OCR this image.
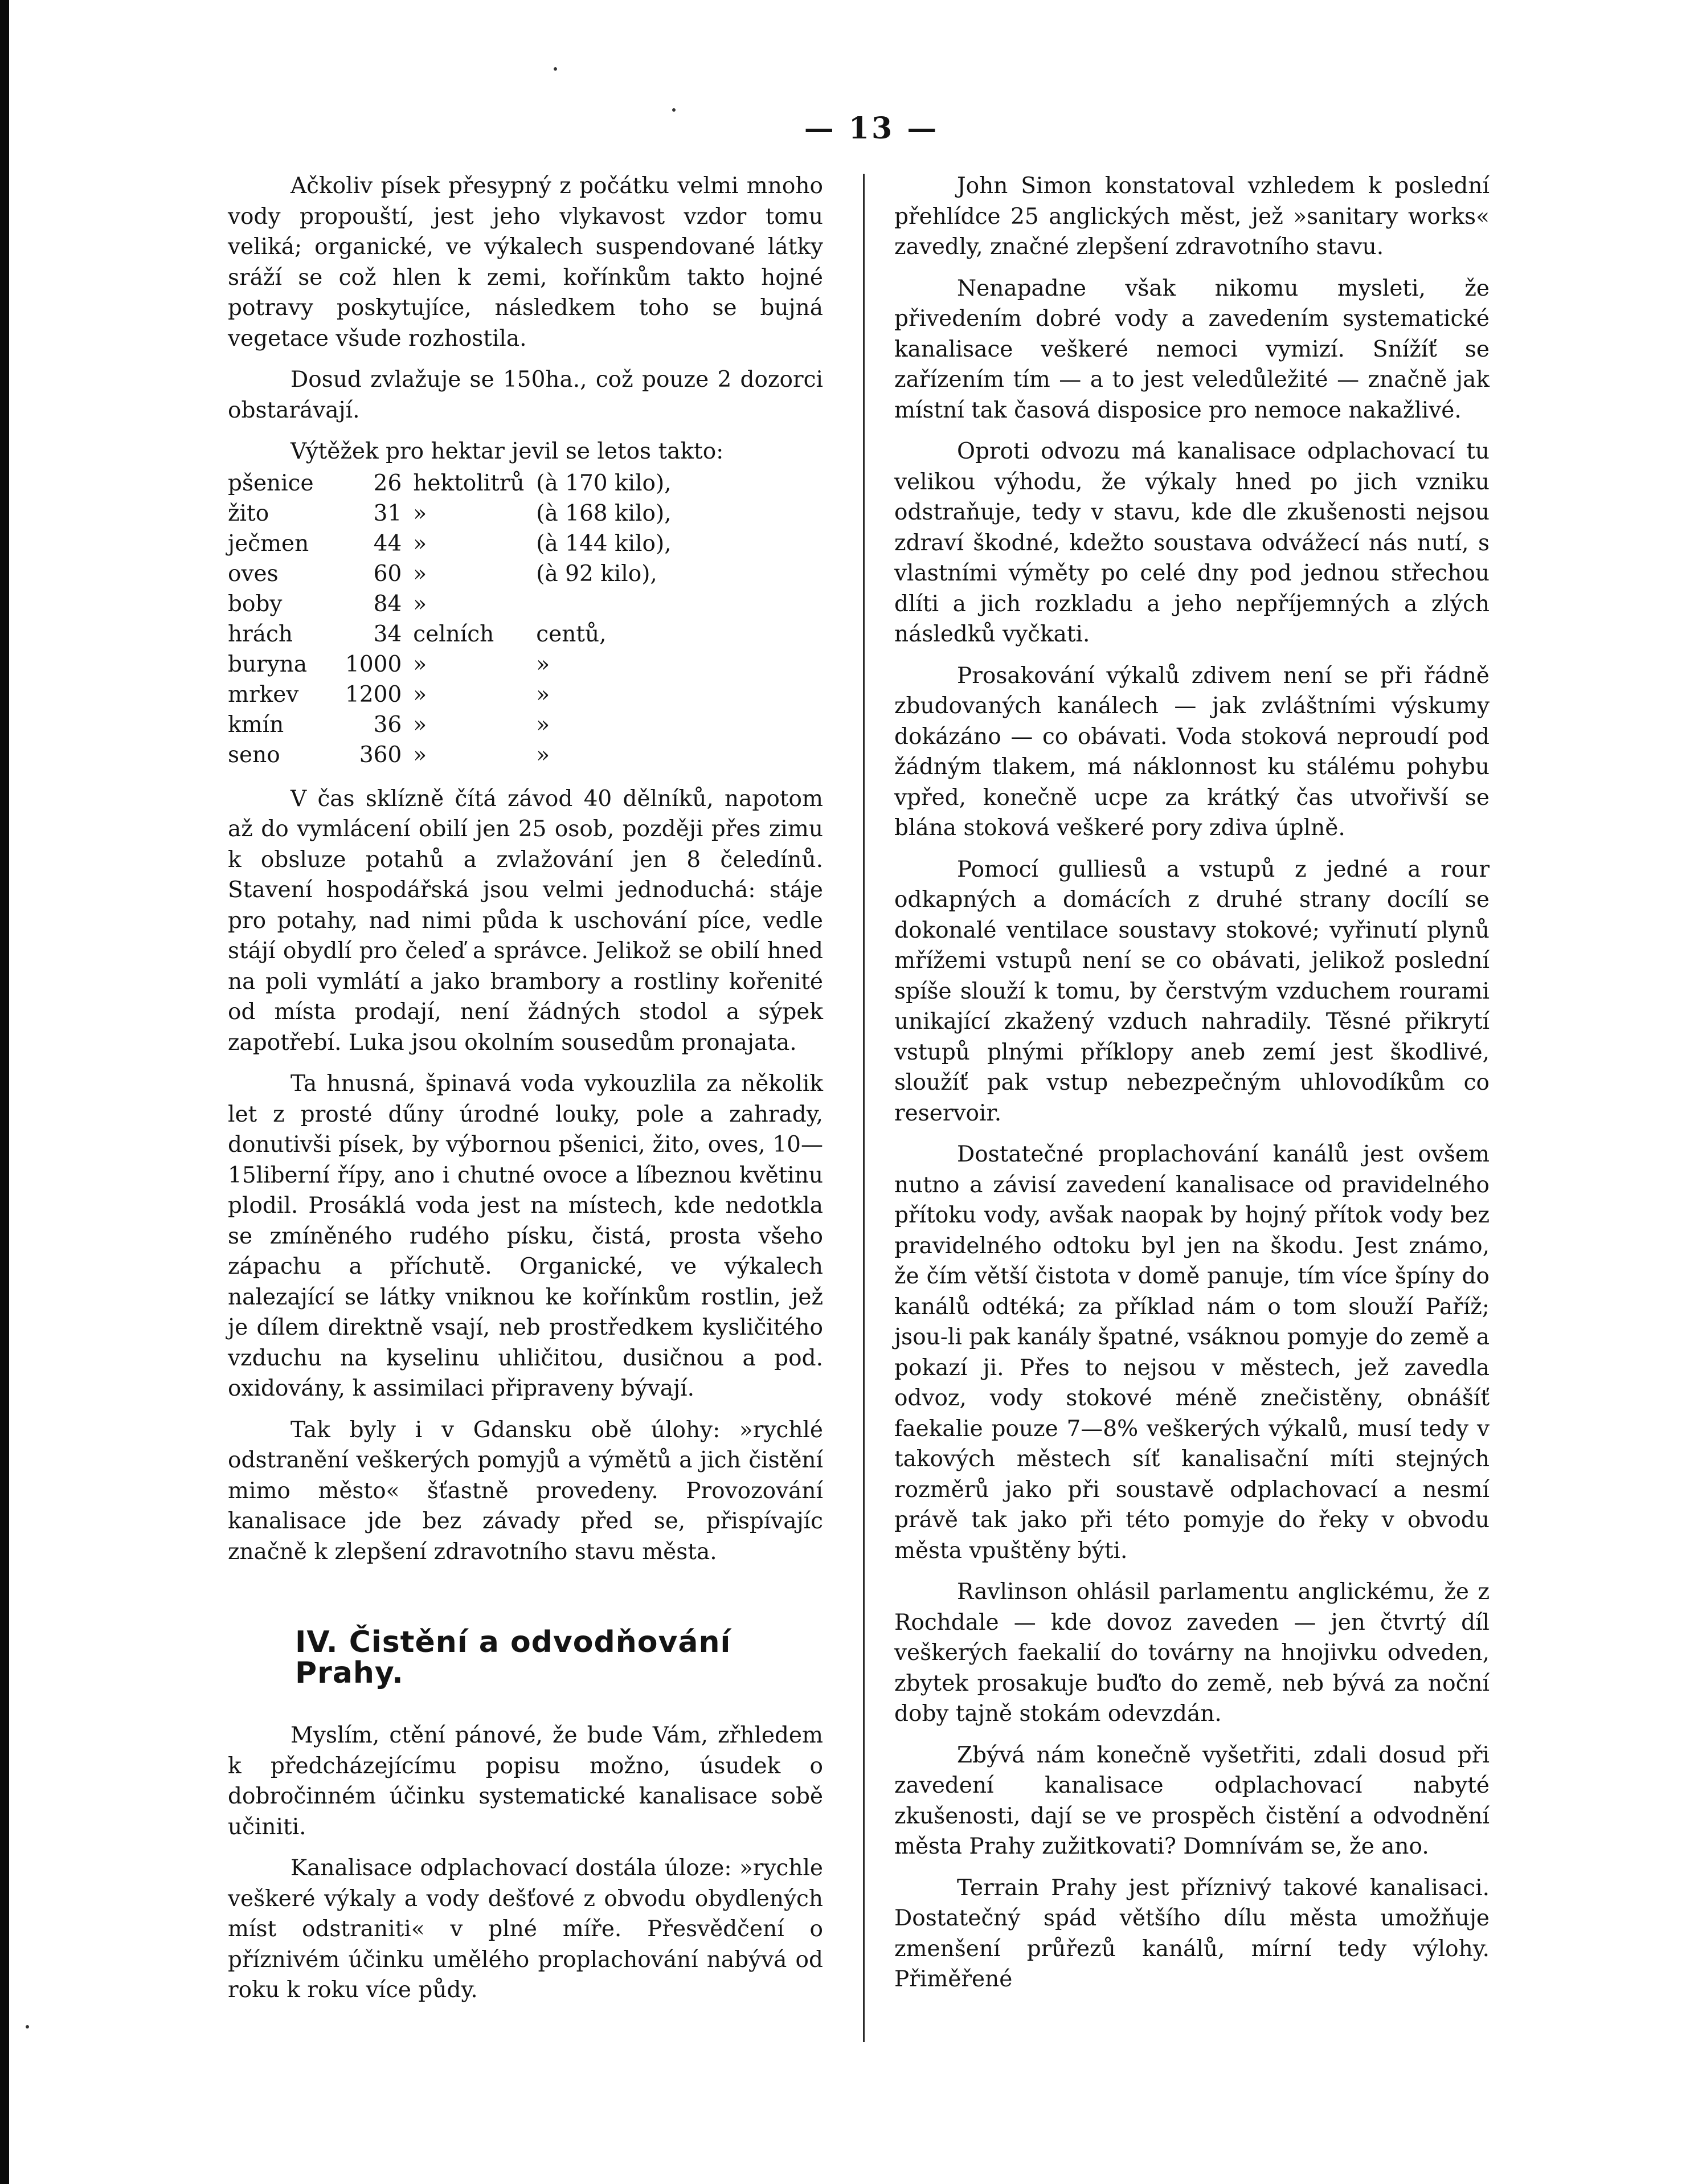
— 13 —

Ačkoliv písek přesypný z počátku velmi mnoho vody propouští, jest jeho vlykavost vzdor tomu veliká; organické, ve výkalech suspendované látky sráží se což hlen k zemi, kořínkům takto hojné potravy poskytujíce, následkem toho se bujná vegetace všude rozhostila.

Dosud zvlažuje se 150ha., což pouze 2 dozorci obstarávají.

Výtěžek pro hektar jevil se letos takto:

pšenice	26	hektolitrů	(à 170 kilo),
žito	31	»	(à 168 kilo),
ječmen	44	»	(à 144 kilo),
oves	60	»	(à 92 kilo),
boby	84	»	
hrách	34	celních	centů,
buryna	1000	»	»
mrkev	1200	»	»
kmín	36	»	»
seno	360	»	»

V čas sklízně čítá závod 40 dělníků, napotom až do vymlácení obilí jen 25 osob, později přes zimu k obsluze potahů a zvlažování jen 8 čeledínů. Stavení hospodářská jsou velmi jednoduchá: stáje pro potahy, nad nimi půda k uschování píce, vedle stájí obydlí pro čeleď a správce. Jelikož se obilí hned na poli vymlátí a jako brambory a rostliny kořenité od místa prodají, není žádných stodol a sýpek zapotřebí. Luka jsou okolním sousedům pronajata.

Ta hnusná, špinavá voda vykouzlila za několik let z prosté dűny úrodné louky, pole a zahrady, donutivši písek, by výbornou pšenici, žito, oves, 10—15liberní řípy, ano i chutné ovoce a líbeznou květinu plodil. Prosáklá voda jest na místech, kde nedotkla se zmíněného rudého písku, čistá, prosta všeho zápachu a příchutě. Organické, ve výkalech nalezající se látky vniknou ke kořínkům rostlin, jež je dílem direktně vsají, neb prostředkem kysličitého vzduchu na kyselinu uhličitou, dusičnou a pod. oxidovány, k assimilaci připraveny bývají.

Tak byly i v Gdansku obě úlohy: »rychlé odstranění veškerých pomyjů a výmětů a jich čistění mimo město« šťastně provedeny. Provozování kanalisace jde bez závady před se, přispívajíc značně k zlepšení zdravotního stavu města.

IV. Čistění a odvodňování Prahy.

Myslím, ctění pánové, že bude Vám, zřhledem k předcházejícímu popisu možno, úsudek o dobročinném účinku systematické kanalisace sobě učiniti.

Kanalisace odplachovací dostála úloze: »rychle veškeré výkaly a vody dešťové z obvodu obydlených míst odstraniti« v plné míře. Přesvědčení o příznivém účinku umělého proplachování nabývá od roku k roku více půdy.

John Simon konstatoval vzhledem k poslední přehlídce 25 anglických měst, jež »sanitary works« zavedly, značné zlepšení zdravotního stavu.

Nenapadne však nikomu mysleti, že přivedením dobré vody a zavedením systematické kanalisace veškeré nemoci vymizí. Snížíť se zařízením tím — a to jest veledůležité — značně jak místní tak časová disposice pro nemoce nakažlivé.

Oproti odvozu má kanalisace odplachovací tu velikou výhodu, že výkaly hned po jich vzniku odstraňuje, tedy v stavu, kde dle zkušenosti nejsou zdraví škodné, kdežto soustava odvážecí nás nutí, s vlastními výměty po celé dny pod jednou střechou dlíti a jich rozkladu a jeho nepříjemných a zlých následků vyčkati.

Prosakování výkalů zdivem není se při řádně zbudovaných kanálech — jak zvláštními výskumy dokázáno — co obávati. Voda stoková neproudí pod žádným tlakem, má náklonnost ku stálému pohybu vpřed, konečně ucpe za krátký čas utvořivší se blána stoková veškeré pory zdiva úplně.

Pomocí gulliesů a vstupů z jedné a rour odkapných a domácích z druhé strany docílí se dokonalé ventilace soustavy stokové; vyřinutí plynů mřížemi vstupů není se co obávati, jelikož poslední spíše slouží k tomu, by čerstvým vzduchem rourami unikající zkažený vzduch nahradily. Těsné přikrytí vstupů plnými příklopy aneb zemí jest škodlivé, sloužíť pak vstup nebezpečným uhlovodíkům co reservoir.

Dostatečné proplachování kanálů jest ovšem nutno a závisí zavedení kanalisace od pravidelného přítoku vody, avšak naopak by hojný přítok vody bez pravidelného odtoku byl jen na škodu. Jest známo, že čím větší čistota v domě panuje, tím více špíny do kanálů odtéká; za příklad nám o tom slouží Paříž; jsou-li pak kanály špatné, vsáknou pomyje do země a pokazí ji. Přes to nejsou v městech, jež zavedla odvoz, vody stokové méně znečistěny, obnášíť faekalie pouze 7—8% veškerých výkalů, musí tedy v takových městech síť kanalisační míti stejných rozměrů jako při soustavě odplachovací a nesmí právě tak jako při této pomyje do řeky v obvodu města vpuštěny býti.

Ravlinson ohlásil parlamentu anglickému, že z Rochdale — kde dovoz zaveden — jen čtvrtý díl veškerých faekalií do továrny na hnojivku odveden, zbytek prosakuje buďto do země, neb bývá za noční doby tajně stokám odevzdán.

Zbývá nám konečně vyšetřiti, zdali dosud při zavedení kanalisace odplachovací nabyté zkušenosti, dají se ve prospěch čistění a odvodnění města Prahy zužitkovati? Domnívám se, že ano.

Terrain Prahy jest příznivý takové kanalisaci. Dostatečný spád většího dílu města umožňuje zmenšení průřezů kanálů, mírní tedy výlohy. Přiměřené
